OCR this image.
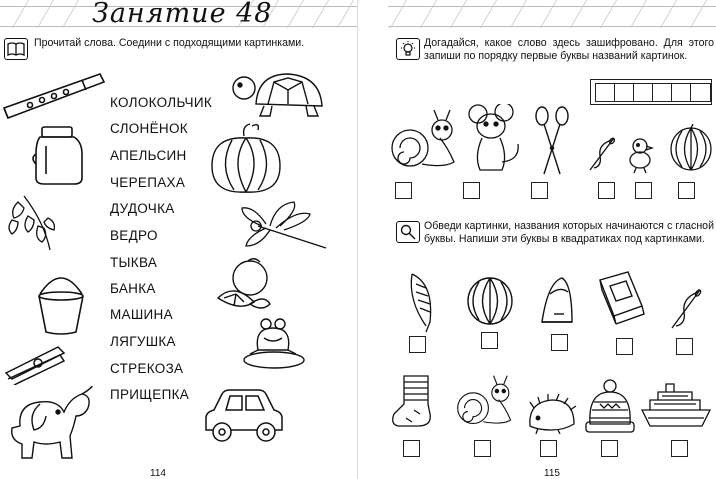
Занятие 48
Прочитай слова. Соедини с подходящими картинками.
КОЛОКОЛЬЧИК
СЛОНЁНОК
АПЕЛЬСИН
ЧЕРЕПАХА
ДУДОЧКА
ВЕДРО
ТЫКВА
БАНКА
МАШИНА
ЛЯГУШКА
СТРЕКОЗА
ПРИЩЕПКА
114
Догадайся, какое слово здесь зашифровано. Для этого запиши по порядку первые буквы названий картинок.
Обведи картинки, названия которых начинаются с гласной буквы. Напиши эти буквы в квадратиках под картинками.
115
